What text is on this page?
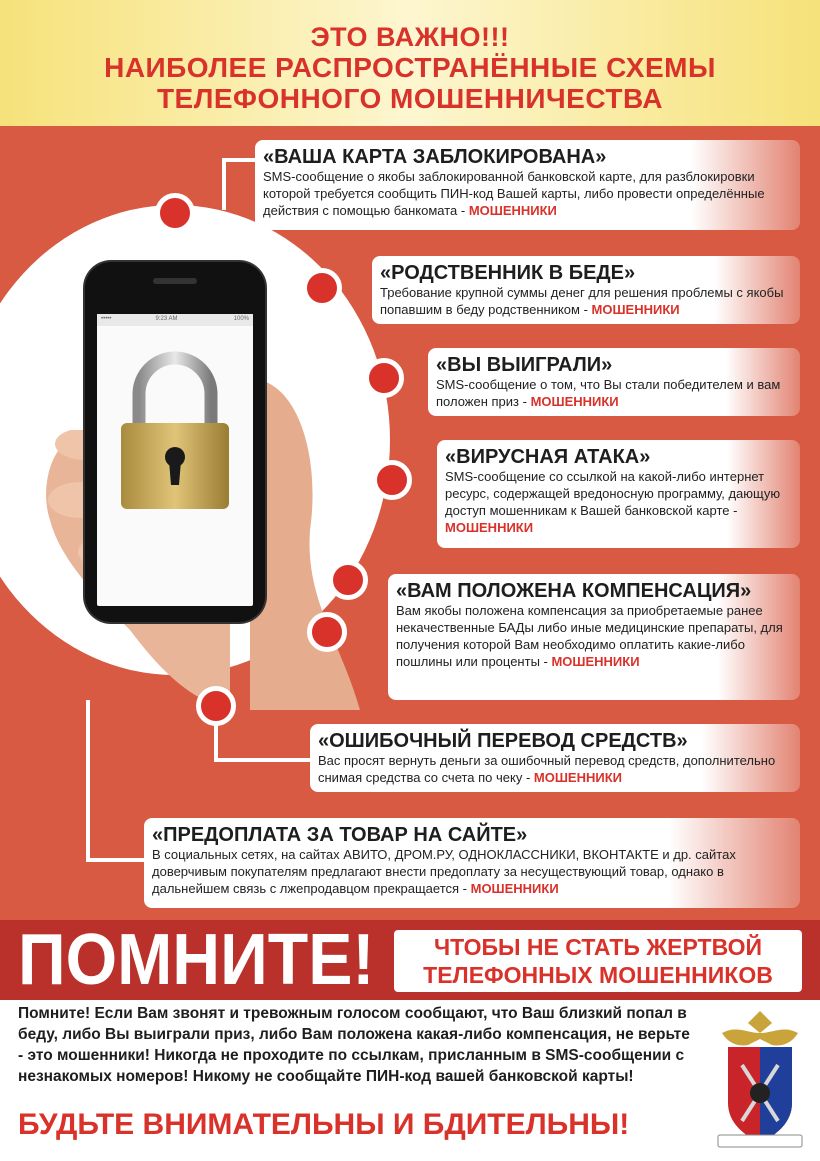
ЭТО ВАЖНО!!!
НАИБОЛЕЕ РАСПРОСТРАНЁННЫЕ СХЕМЫ
ТЕЛЕФОННОГО МОШЕННИЧЕСТВА
•••••	9:23 AM	100%
«ВАША КАРТА ЗАБЛОКИРОВАНА»
SMS-сообщение о якобы заблокированной банковской карте, для разблокировки которой требуется сообщить ПИН-код Вашей карты, либо провести определённые действия с помощью банкомата - МОШЕННИКИ
«РОДСТВЕННИК В БЕДЕ»
Требование крупной суммы денег для решения проблемы с якобы попавшим в беду родственником - МОШЕННИКИ
«ВЫ ВЫИГРАЛИ»
SMS-сообщение о том, что Вы стали победителем и вам положен приз - МОШЕННИКИ
«ВИРУСНАЯ АТАКА»
SMS-сообщение со ссылкой на какой-либо интернет ресурс, содержащей вредоносную программу, дающую доступ мошенникам к Вашей банковской карте - МОШЕННИКИ
«ВАМ ПОЛОЖЕНА КОМПЕНСАЦИЯ»
Вам якобы положена компенсация за приобретаемые ранее некачественные БАДы либо иные медицинские препараты, для получения которой Вам необходимо оплатить какие-либо пошлины или проценты - МОШЕННИКИ
«ОШИБОЧНЫЙ ПЕРЕВОД СРЕДСТВ»
Вас просят вернуть деньги за ошибочный перевод средств, дополнительно снимая средства со счета по чеку - МОШЕННИКИ
«ПРЕДОПЛАТА ЗА ТОВАР НА САЙТЕ»
В социальных сетях, на сайтах АВИТО, ДРОМ.РУ, ОДНОКЛАССНИКИ, ВКОНТАКТЕ и др. сайтах доверчивым покупателям предлагают внести предоплату за несуществующий товар, однако в дальнейшем связь с лжепродавцом прекращается - МОШЕННИКИ
ПОМНИТЕ!	ЧТОБЫ НЕ СТАТЬ ЖЕРТВОЙ
ТЕЛЕФОННЫХ МОШЕННИКОВ
Помните! Если Вам звонят и тревожным голосом сообщают, что Ваш близкий попал в беду, либо Вы выиграли приз, либо Вам положена какая-либо компенсация, не верьте - это мошенники! Никогда не проходите по ссылкам, присланным в SMS-сообщении с незнакомых номеров! Никому не сообщайте ПИН-код вашей банковской карты!
БУДЬТЕ ВНИМАТЕЛЬНЫ И БДИТЕЛЬНЫ!
